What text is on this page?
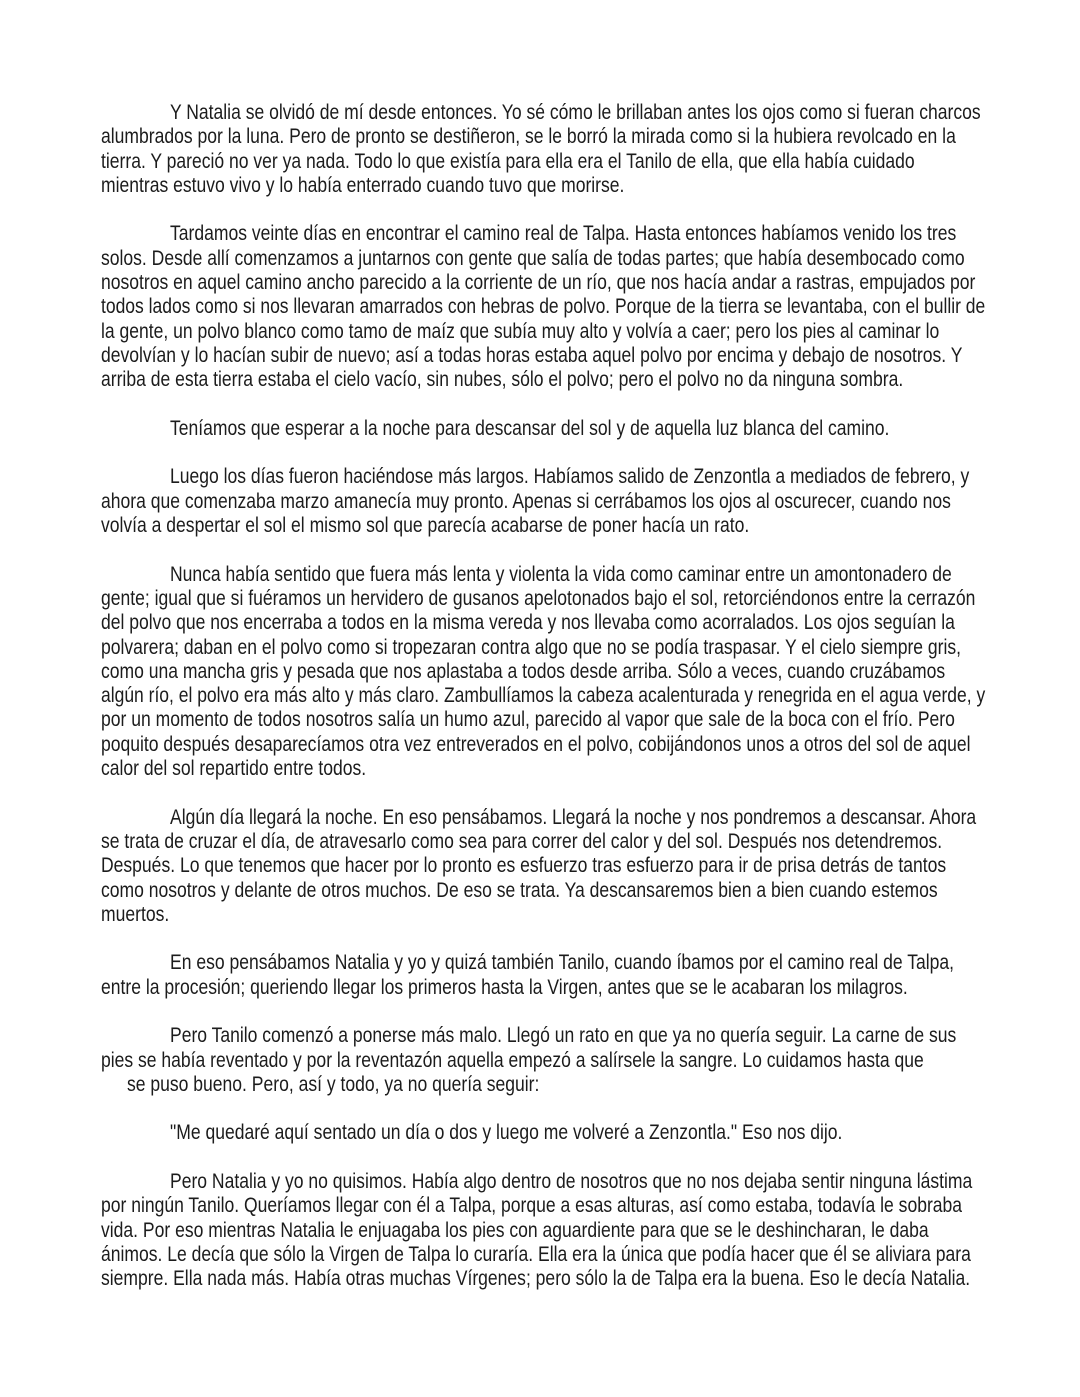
Y Natalia se olvidó de mí desde entonces. Yo sé cómo le brillaban antes los ojos como si fueran charcos
alumbrados por la luna. Pero de pronto se destiñeron, se le borró la mirada como si la hubiera revolcado en la
tierra. Y pareció no ver ya nada. Todo lo que existía para ella era el Tanilo de ella, que ella había cuidado
mientras estuvo vivo y lo había enterrado cuando tuvo que morirse.
Tardamos veinte días en encontrar el camino real de Talpa. Hasta entonces habíamos venido los tres
solos. Desde allí comenzamos a juntarnos con gente que salía de todas partes; que había desembocado como
nosotros en aquel camino ancho parecido a la corriente de un río, que nos hacía andar a rastras, empujados por
todos lados como si nos llevaran amarrados con hebras de polvo. Porque de la tierra se levantaba, con el bullir de
la gente, un polvo blanco como tamo de maíz que subía muy alto y volvía a caer; pero los pies al caminar lo
devolvían y lo hacían subir de nuevo; así a todas horas estaba aquel polvo por encima y debajo de nosotros. Y
arriba de esta tierra estaba el cielo vacío, sin nubes, sólo el polvo; pero el polvo no da ninguna sombra.
Teníamos que esperar a la noche para descansar del sol y de aquella luz blanca del camino.
Luego los días fueron haciéndose más largos. Habíamos salido de Zenzontla a mediados de febrero, y
ahora que comenzaba marzo amanecía muy pronto. Apenas si cerrábamos los ojos al oscurecer, cuando nos
volvía a despertar el sol el mismo sol que parecía acabarse de poner hacía un rato.
Nunca había sentido que fuera más lenta y violenta la vida como caminar entre un amontonadero de
gente; igual que si fuéramos un hervidero de gusanos apelotonados bajo el sol, retorciéndonos entre la cerrazón
del polvo que nos encerraba a todos en la misma vereda y nos llevaba como acorralados. Los ojos seguían la
polvarera; daban en el polvo como si tropezaran contra algo que no se podía traspasar. Y el cielo siempre gris,
como una mancha gris y pesada que nos aplastaba a todos desde arriba. Sólo a veces, cuando cruzábamos
algún río, el polvo era más alto y más claro. Zambullíamos la cabeza acalenturada y renegrida en el agua verde, y
por un momento de todos nosotros salía un humo azul, parecido al vapor que sale de la boca con el frío. Pero
poquito después desaparecíamos otra vez entreverados en el polvo, cobijándonos unos a otros del sol de aquel
calor del sol repartido entre todos.
Algún día llegará la noche. En eso pensábamos. Llegará la noche y nos pondremos a descansar. Ahora
se trata de cruzar el día, de atravesarlo como sea para correr del calor y del sol. Después nos detendremos.
Después. Lo que tenemos que hacer por lo pronto es esfuerzo tras esfuerzo para ir de prisa detrás de tantos
como nosotros y delante de otros muchos. De eso se trata. Ya descansaremos bien a bien cuando estemos
muertos.
En eso pensábamos Natalia y yo y quizá también Tanilo, cuando íbamos por el camino real de Talpa,
entre la procesión; queriendo llegar los primeros hasta la Virgen, antes que se le acabaran los milagros.
Pero Tanilo comenzó a ponerse más malo. Llegó un rato en que ya no quería seguir. La carne de sus
pies se había reventado y por la reventazón aquella empezó a salírsele la sangre. Lo cuidamos hasta que
se puso bueno. Pero, así y todo, ya no quería seguir:
"Me quedaré aquí sentado un día o dos y luego me volveré a Zenzontla." Eso nos dijo.
Pero Natalia y yo no quisimos. Había algo dentro de nosotros que no nos dejaba sentir ninguna lástima
por ningún Tanilo. Queríamos llegar con él a Talpa, porque a esas alturas, así como estaba, todavía le sobraba
vida. Por eso mientras Natalia le enjuagaba los pies con aguardiente para que se le deshincharan, le daba
ánimos. Le decía que sólo la Virgen de Talpa lo curaría. Ella era la única que podía hacer que él se aliviara para
siempre. Ella nada más. Había otras muchas Vírgenes; pero sólo la de Talpa era la buena. Eso le decía Natalia.
